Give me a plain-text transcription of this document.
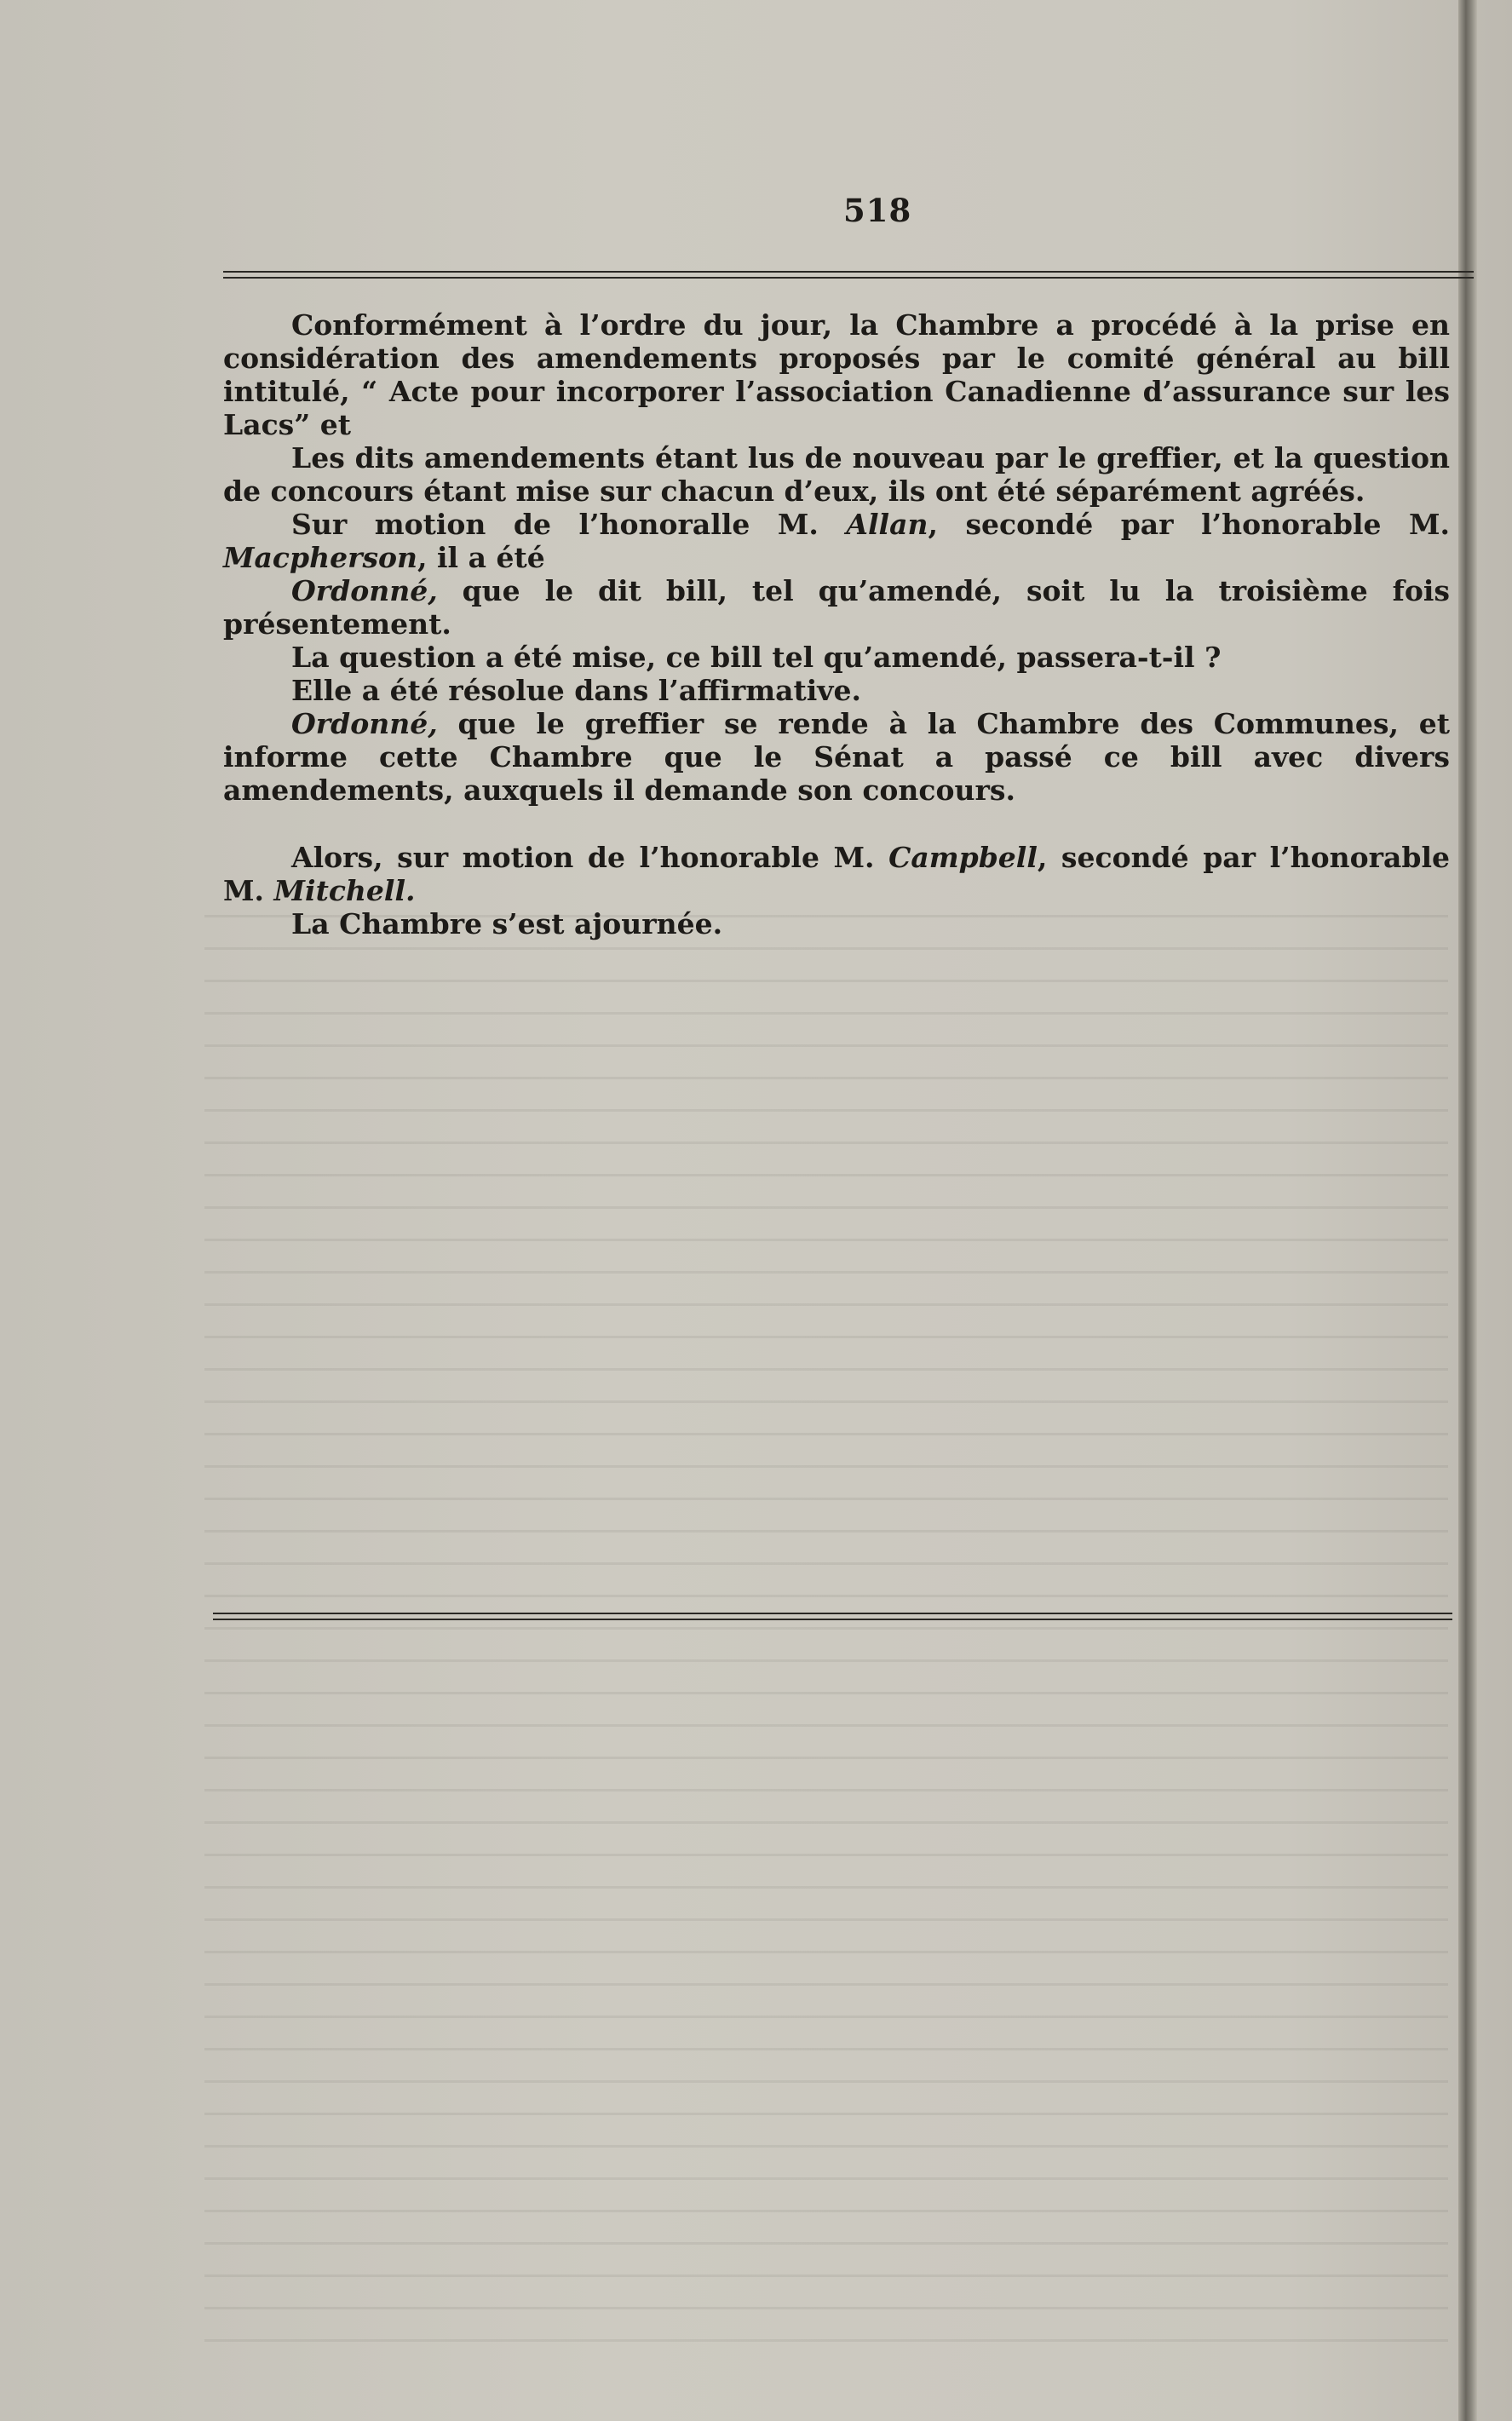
518

Conformément à l’ordre du jour, la Chambre a procédé à la prise en considération des amendements proposés par le comité général au bill intitulé, “ Acte pour incorporer l’association Canadienne d’assurance sur les Lacs” et

Les dits amendements étant lus de nouveau par le greffier, et la question de concours étant mise sur chacun d’eux, ils ont été séparément agréés.

Sur motion de l’honoralle M. Allan, secondé par l’honorable M. Macpherson, il a été

Ordonné, que le dit bill, tel qu’amendé, soit lu la troisième fois présentement.

La question a été mise, ce bill tel qu’amendé, passera-t-il ?

Elle a été résolue dans l’affirmative.

Ordonné, que le greffier se rende à la Chambre des Communes, et informe cette Chambre que le Sénat a passé ce bill avec divers amendements, auxquels il demande son concours.

Alors, sur motion de l’honorable M. Campbell, secondé par l’honorable M. Mitchell.

La Chambre s’est ajournée.
